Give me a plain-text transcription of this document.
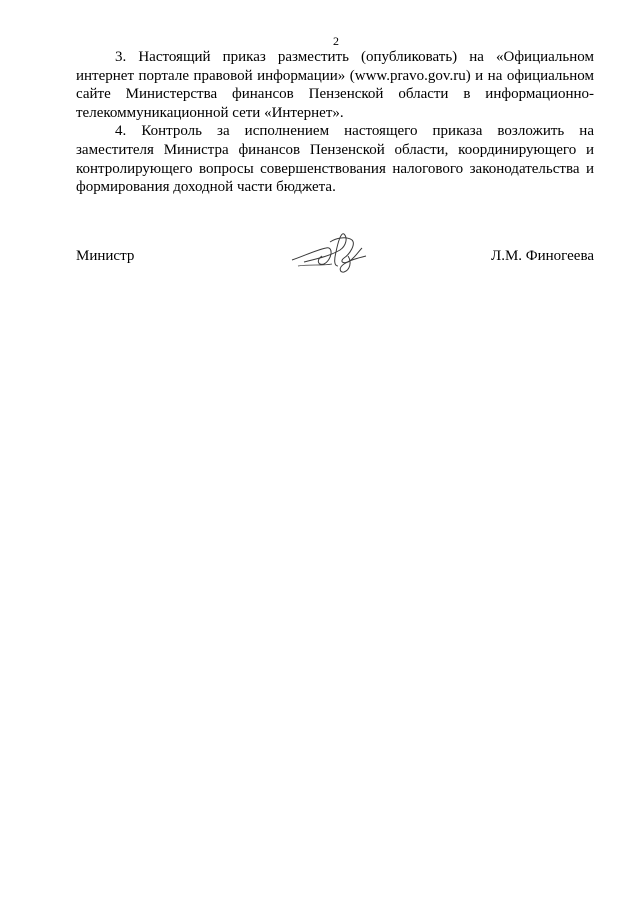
2

3. Настоящий приказ разместить (опубликовать) на «Официальном интернет портале правовой информации» (www.pravo.gov.ru) и на официальном сайте Министерства финансов Пензенской области в информационно-телекоммуникационной сети «Интернет».

4. Контроль за исполнением настоящего приказа возложить на заместителя Министра финансов Пензенской области, координирующего и контролирующего вопросы совершенствования налогового законодательства и формирования доходной части бюджета.

Министр	Л.М. Финогеева
